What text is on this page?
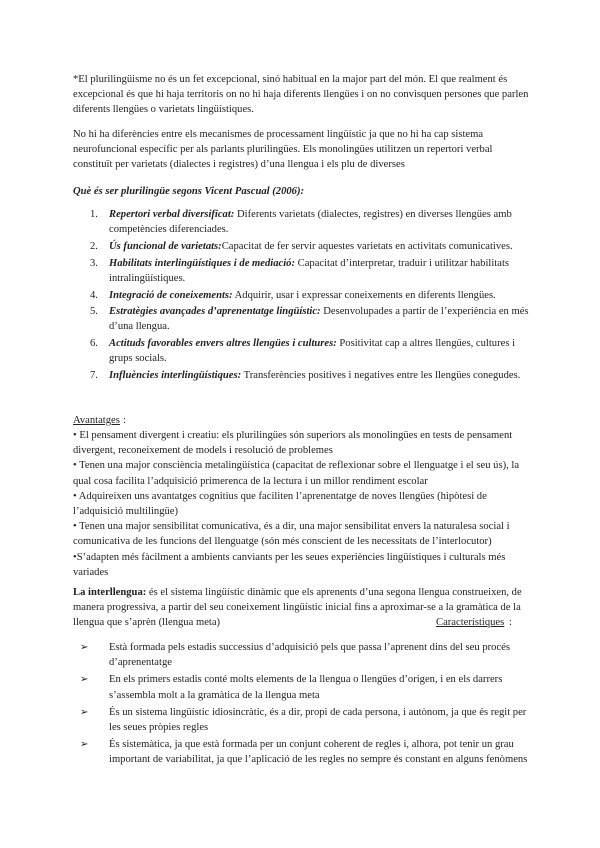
*El plurilingüisme no és un fet excepcional, sinó habitual en la major part del món. El que realment és excepcional és que hi haja territoris on no hi haja diferents llengües i on no convisquen persones que parlen diferents llengües o varietats lingüístiques.

No hi ha diferències entre els mecanismes de processament lingüístic ja que no hi ha cap sistema neurofuncional específic per als parlants plurilingües. Els monolingües utilitzen un repertori verbal constituït per varietats (dialectes i registres) d’una llengua i els plu de diverses

Què és ser plurilingüe segons Vicent Pascual (2006):
1. Repertori verbal diversificat: Diferents varietats (dialectes, registres) en diverses llengües amb competències diferenciades.
2. Ús funcional de varietats:Capacitat de fer servir aquestes varietats en activitats comunicatives.
3. Habilitats interlingüístiques i de mediació: Capacitat d’interpretar, traduir i utilitzar habilitats intralingüístiques.
4. Integració de coneixements: Adquirir, usar i expressar coneixements en diferents llengües.
5. Estratègies avançades d’aprenentatge lingüístic: Desenvolupades a partir de l’experiència en més d’una llengua.
6. Actituds favorables envers altres llengües i cultures: Positivitat cap a altres llengües, cultures i grups socials.
7. Influències interlingüístiques: Transferències positives i negatives entre les llengües conegudes.
Avantatges :
• El pensament divergent i creatiu: els plurilingües són superiors als monolingües en tests de pensament divergent, reconeixement de models i resolució de problemes
• Tenen una major consciència metalingüística (capacitat de reflexionar sobre el llenguatge i el seu ús), la qual cosa facilita l’adquisició primerenca de la lectura i un millor rendiment escolar
• Adquireixen uns avantatges cognitius que faciliten l’aprenentatge de noves llengües (hipòtesi de l’adquisició multilingüe)
• Tenen una major sensibilitat comunicativa, és a dir, una major sensibilitat envers la naturalesa social i comunicativa de les funcions del llenguatge (són més conscient de les necessitats de l’interlocutor)
•S’adapten més fàcilment a ambients canviants per les seues experiències lingüístiques i culturals més variades

La interllengua: és el sistema lingüístic dinàmic que els aprenents d’una segona llengua construeixen, de manera progressiva, a partir del seu coneixement lingüístic inicial fins a aproximar-se a la gramàtica de la llengua que s’aprèn (llengua meta)	Característiques :

➢ Està formada pels estadis successius d’adquisició pels que passa l’aprenent dins del seu procés d’aprenentatge
➢ En els primers estadis conté molts elements de la llengua o llengües d’origen, i en els darrers s’assembla molt a la gramàtica de la llengua meta
➢ És un sistema lingüístic idiosincràtic, és a dir, propi de cada persona, i autònom, ja que és regit per les seues pròpies regles
➢ És sistemàtica, ja que està formada per un conjunt coherent de regles i, alhora, pot tenir un grau important de variabilitat, ja que l’aplicació de les regles no sempre és constant en alguns fenòmens
